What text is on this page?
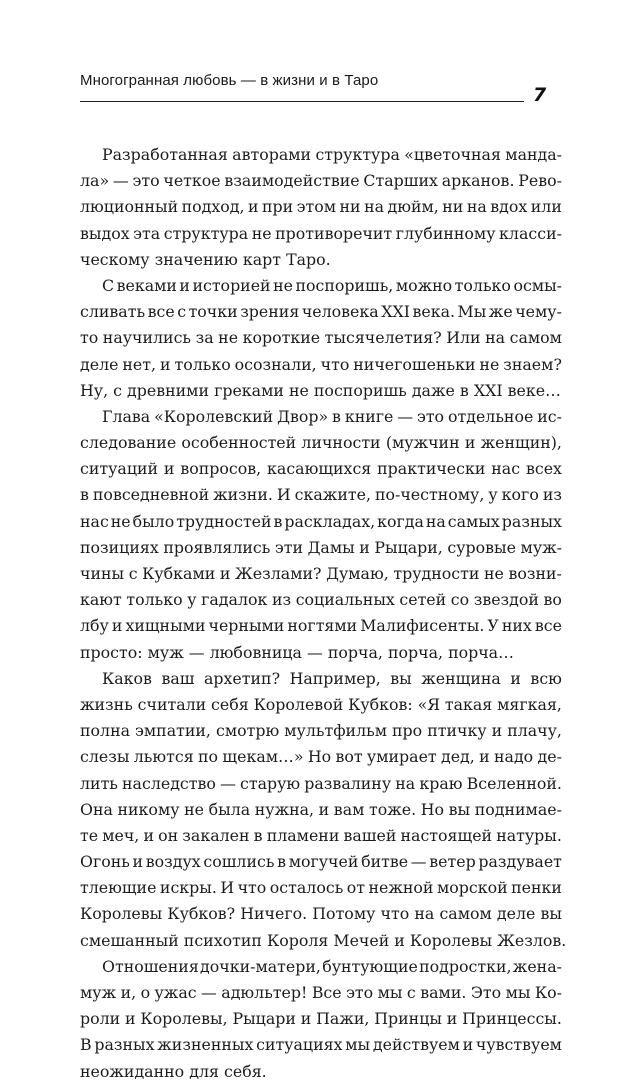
Многогранная любовь — в жизни и в Таро
7
Разработанная авторами структура «цветочная манда-
ла» — это четкое взаимодействие Старших арканов. Рево-
люционный подход, и при этом ни на дюйм, ни на вдох или
выдох эта структура не противоречит глубинному класси-
ческому значению карт Таро.
С веками и историей не поспоришь, можно только осмы-
сливать все с точки зрения человека XXI века. Мы же чему-
то научились за не короткие тысячелетия? Или на самом
деле нет, и только осознали, что ничегошеньки не знаем?
Ну, с древними греками не поспоришь даже в XXI веке…
Глава «Королевский Двор» в книге — это отдельное ис-
следование особенностей личности (мужчин и женщин),
ситуаций и вопросов, касающихся практически нас всех
в повседневной жизни. И скажите, по-честному, у кого из
нас не было трудностей в раскладах, когда на самых разных
позициях проявлялись эти Дамы и Рыцари, суровые муж-
чины с Кубками и Жезлами? Думаю, трудности не возни-
кают только у гадалок из социальных сетей со звездой во
лбу и хищными черными ногтями Малифисенты. У них все
просто: муж — любовница — порча, порча, порча…
Каков ваш архетип? Например, вы женщина и всю
жизнь считали себя Королевой Кубков: «Я такая мягкая,
полна эмпатии, смотрю мультфильм про птичку и плачу,
слезы льются по щекам…» Но вот умирает дед, и надо де-
лить наследство — старую развалину на краю Вселенной.
Она никому не была нужна, и вам тоже. Но вы поднимае-
те меч, и он закален в пламени вашей настоящей натуры.
Огонь и воздух сошлись в могучей битве — ветер раздувает
тлеющие искры. И что осталось от нежной морской пенки
Королевы Кубков? Ничего. Потому что на самом деле вы
смешанный психотип Короля Мечей и Королевы Жезлов.
Отношения дочки-матери, бунтующие подростки, жена-
муж и, о ужас — адюльтер! Все это мы с вами. Это мы Ко-
роли и Королевы, Рыцари и Пажи, Принцы и Принцессы.
В разных жизненных ситуациях мы действуем и чувствуем
неожиданно для себя.
